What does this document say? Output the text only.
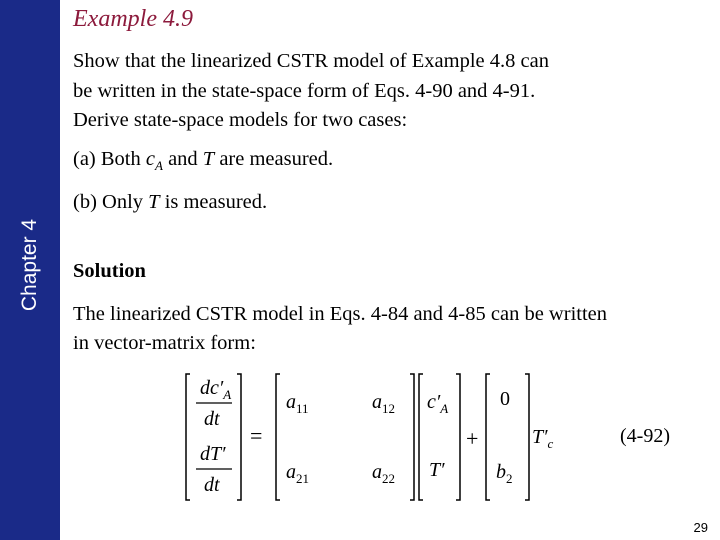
Chapter 4
Example 4.9

Show that the linearized CSTR model of Example 4.8 can

be written in the state-space form of Eqs. 4-90 and 4-91.

Derive state-space models for two cases:

(a) Both $c_A$ and T are measured.

(b) Only T is measured.

Solution

The linearized CSTR model in Eqs. 4-84 and 4-85 can be written

in vector-matrix form:

$dc'_A$
dt
dT′
dt
=
$a_{11}$	$a_{12}$
$a_{21}$	$a_{22}$
$c'_A$
T′
+
0
$b_2$
$T'_c$	(4-92)
29
